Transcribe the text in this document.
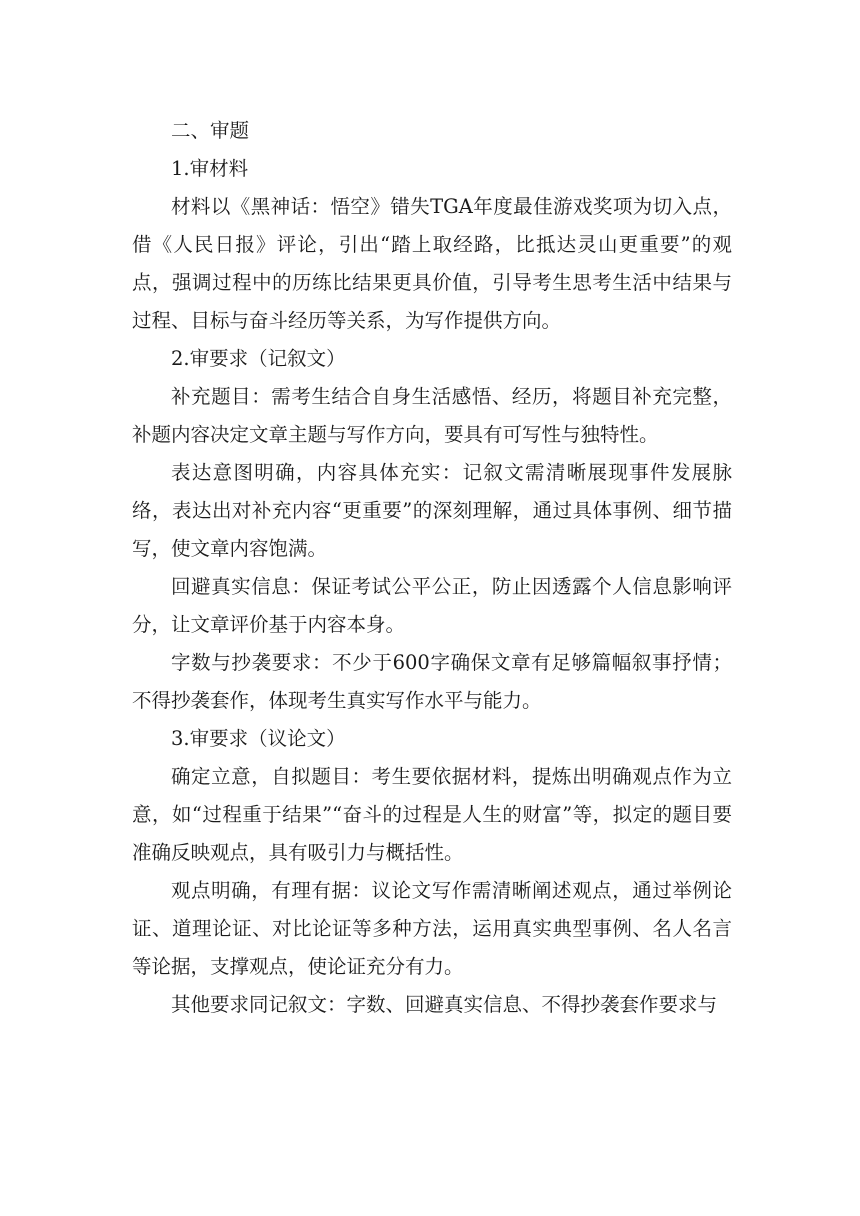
二、审题

1.审材料

材料以《黑神话：悟空》错失TGA年度最佳游戏奖项为切入点，借《人民日报》评论，引出“踏上取经路，比抵达灵山更重要”的观点，强调过程中的历练比结果更具价值，引导考生思考生活中结果与过程、目标与奋斗经历等关系，为写作提供方向。

2.审要求（记叙文）

补充题目：需考生结合自身生活感悟、经历，将题目补充完整，补题内容决定文章主题与写作方向，要具有可写性与独特性。

表达意图明确，内容具体充实：记叙文需清晰展现事件发展脉络，表达出对补充内容“更重要”的深刻理解，通过具体事例、细节描写，使文章内容饱满。

回避真实信息：保证考试公平公正，防止因透露个人信息影响评分，让文章评价基于内容本身。

字数与抄袭要求：不少于600字确保文章有足够篇幅叙事抒情；不得抄袭套作，体现考生真实写作水平与能力。

3.审要求（议论文）

确定立意，自拟题目：考生要依据材料，提炼出明确观点作为立意，如“过程重于结果”“奋斗的过程是人生的财富”等，拟定的题目要准确反映观点，具有吸引力与概括性。

观点明确，有理有据：议论文写作需清晰阐述观点，通过举例论证、道理论证、对比论证等多种方法，运用真实典型事例、名人名言等论据，支撑观点，使论证充分有力。

其他要求同记叙文：字数、回避真实信息、不得抄袭套作要求与
